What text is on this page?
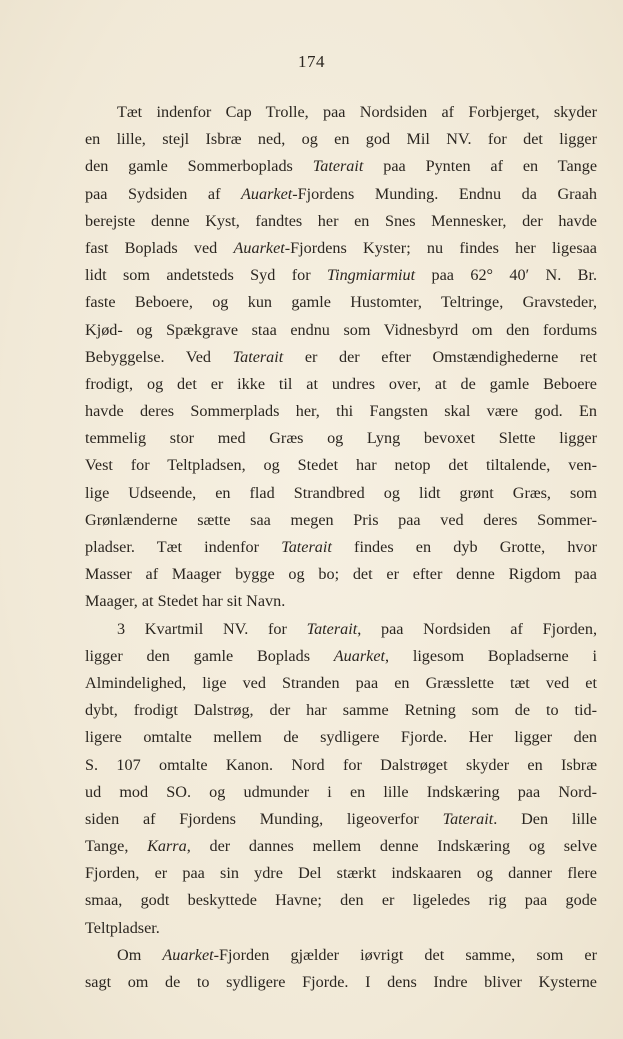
174
Tæt indenfor Cap Trolle, paa Nordsiden af Forbjerget, skyder
en lille, stejl Isbræ ned, og en god Mil NV. for det ligger
den gamle Sommerboplads Taterait paa Pynten af en Tange
paa Sydsiden af Auarket-Fjordens Munding. Endnu da Graah
berejste denne Kyst, fandtes her en Snes Mennesker, der havde
fast Boplads ved Auarket-Fjordens Kyster; nu findes her ligesaa
lidt som andetsteds Syd for Tingmiarmiut paa 62° 40′ N. Br.
faste Beboere, og kun gamle Hustomter, Teltringe, Gravsteder,
Kjød- og Spækgrave staa endnu som Vidnesbyrd om den fordums
Bebyggelse. Ved Taterait er der efter Omstændighederne ret
frodigt, og det er ikke til at undres over, at de gamle Beboere
havde deres Sommerplads her, thi Fangsten skal være god. En
temmelig stor med Græs og Lyng bevoxet Slette ligger
Vest for Teltpladsen, og Stedet har netop det tiltalende, ven-
lige Udseende, en flad Strandbred og lidt grønt Græs, som
Grønlænderne sætte saa megen Pris paa ved deres Sommer-
pladser. Tæt indenfor Taterait findes en dyb Grotte, hvor
Masser af Maager bygge og bo; det er efter denne Rigdom paa
Maager, at Stedet har sit Navn.
3 Kvartmil NV. for Taterait, paa Nordsiden af Fjorden,
ligger den gamle Boplads Auarket, ligesom Bopladserne i
Almindelighed, lige ved Stranden paa en Græsslette tæt ved et
dybt, frodigt Dalstrøg, der har samme Retning som de to tid-
ligere omtalte mellem de sydligere Fjorde. Her ligger den
S. 107 omtalte Kanon. Nord for Dalstrøget skyder en Isbræ
ud mod SO. og udmunder i en lille Indskæring paa Nord-
siden af Fjordens Munding, ligeoverfor Taterait. Den lille
Tange, Karra, der dannes mellem denne Indskæring og selve
Fjorden, er paa sin ydre Del stærkt indskaaren og danner flere
smaa, godt beskyttede Havne; den er ligeledes rig paa gode
Teltpladser.
Om Auarket-Fjorden gjælder iøvrigt det samme, som er
sagt om de to sydligere Fjorde. I dens Indre bliver Kysterne
